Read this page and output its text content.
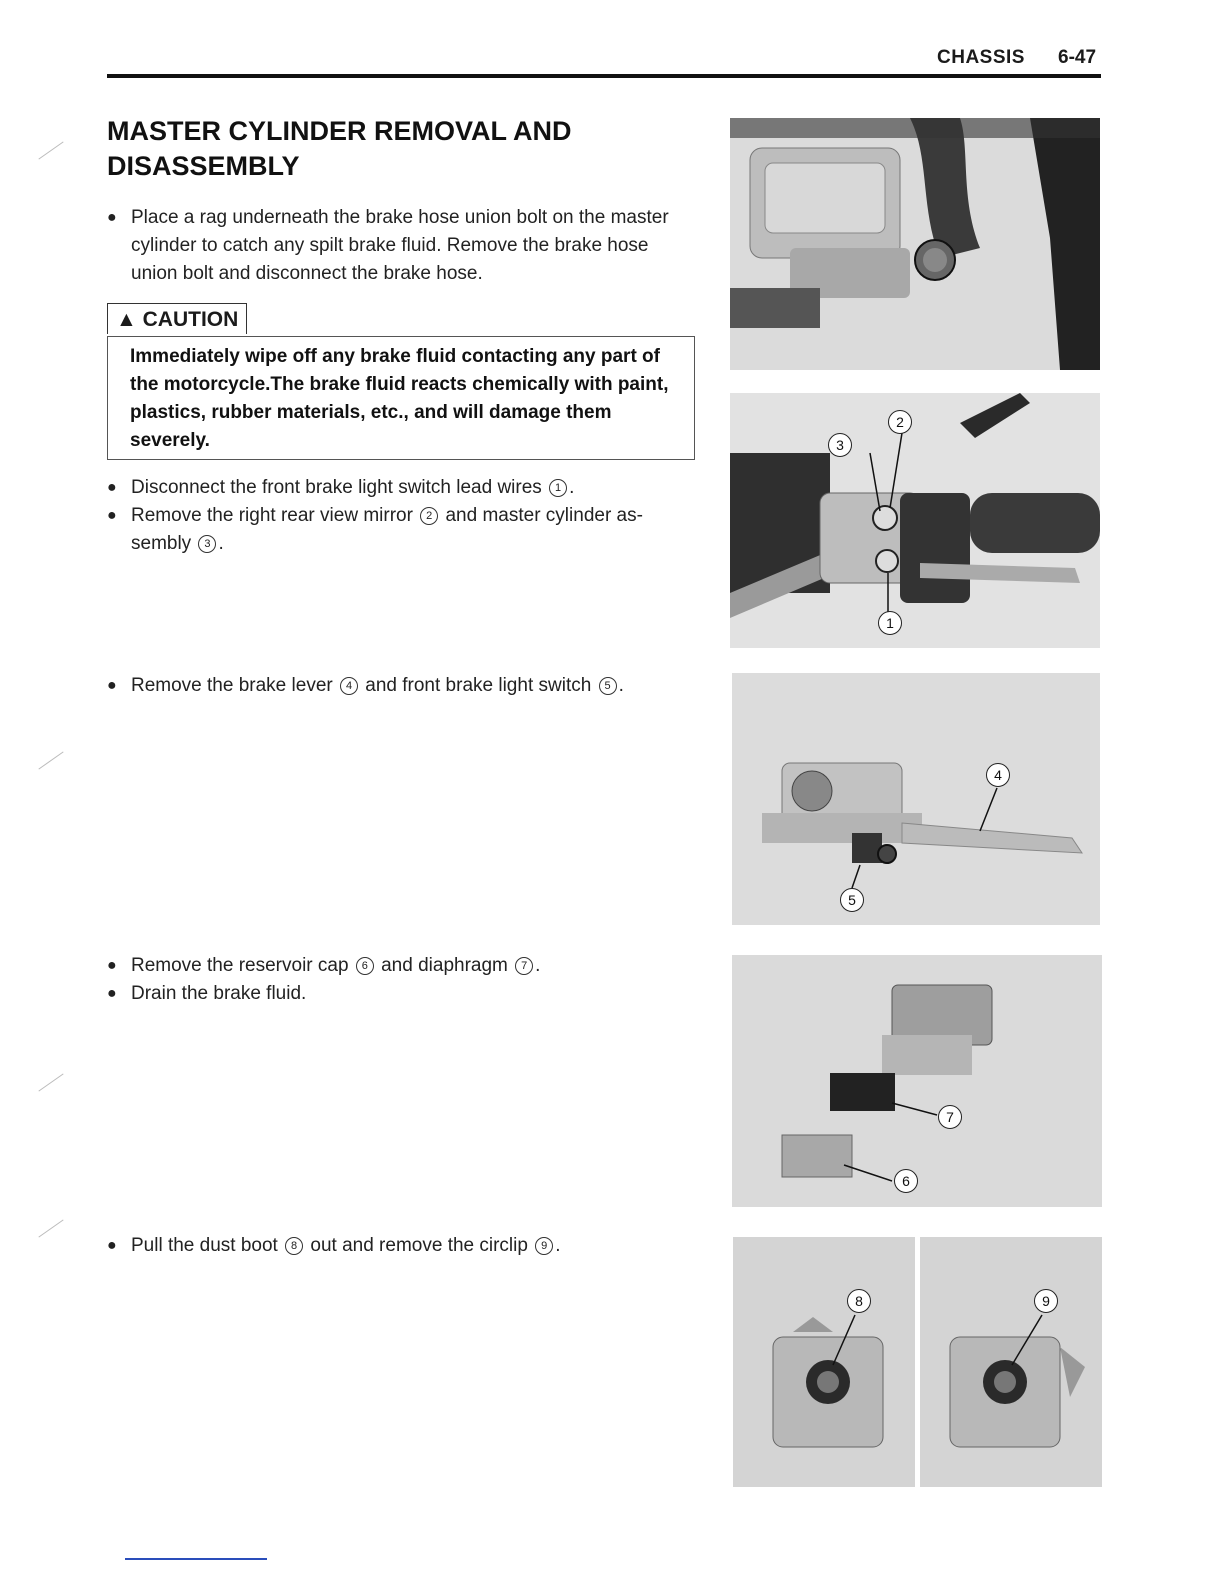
CHASSIS 6-47
MASTER CYLINDER REMOVAL AND DISASSEMBLY
● Place a rag underneath the brake hose union bolt on the master cylinder to catch any spilt brake fluid. Remove the brake hose union bolt and disconnect the brake hose.
▲ CAUTION
Immediately wipe off any brake fluid contacting any part of the motorcycle.The brake fluid reacts chemically with paint, plastics, rubber materials, etc., and will damage them severely.
● Disconnect the front brake light switch lead wires 1 .
● Remove the right rear view mirror 2 and master cylinder as-sembly 3 .
● Remove the brake lever 4 and front brake light switch 5 .
● Remove the reservoir cap 6 and diaphragm 7 .
● Drain the brake fluid.
● Pull the dust boot 8 out and remove the circlip 9 .
2
3
1
4
5
7
6
8	9
